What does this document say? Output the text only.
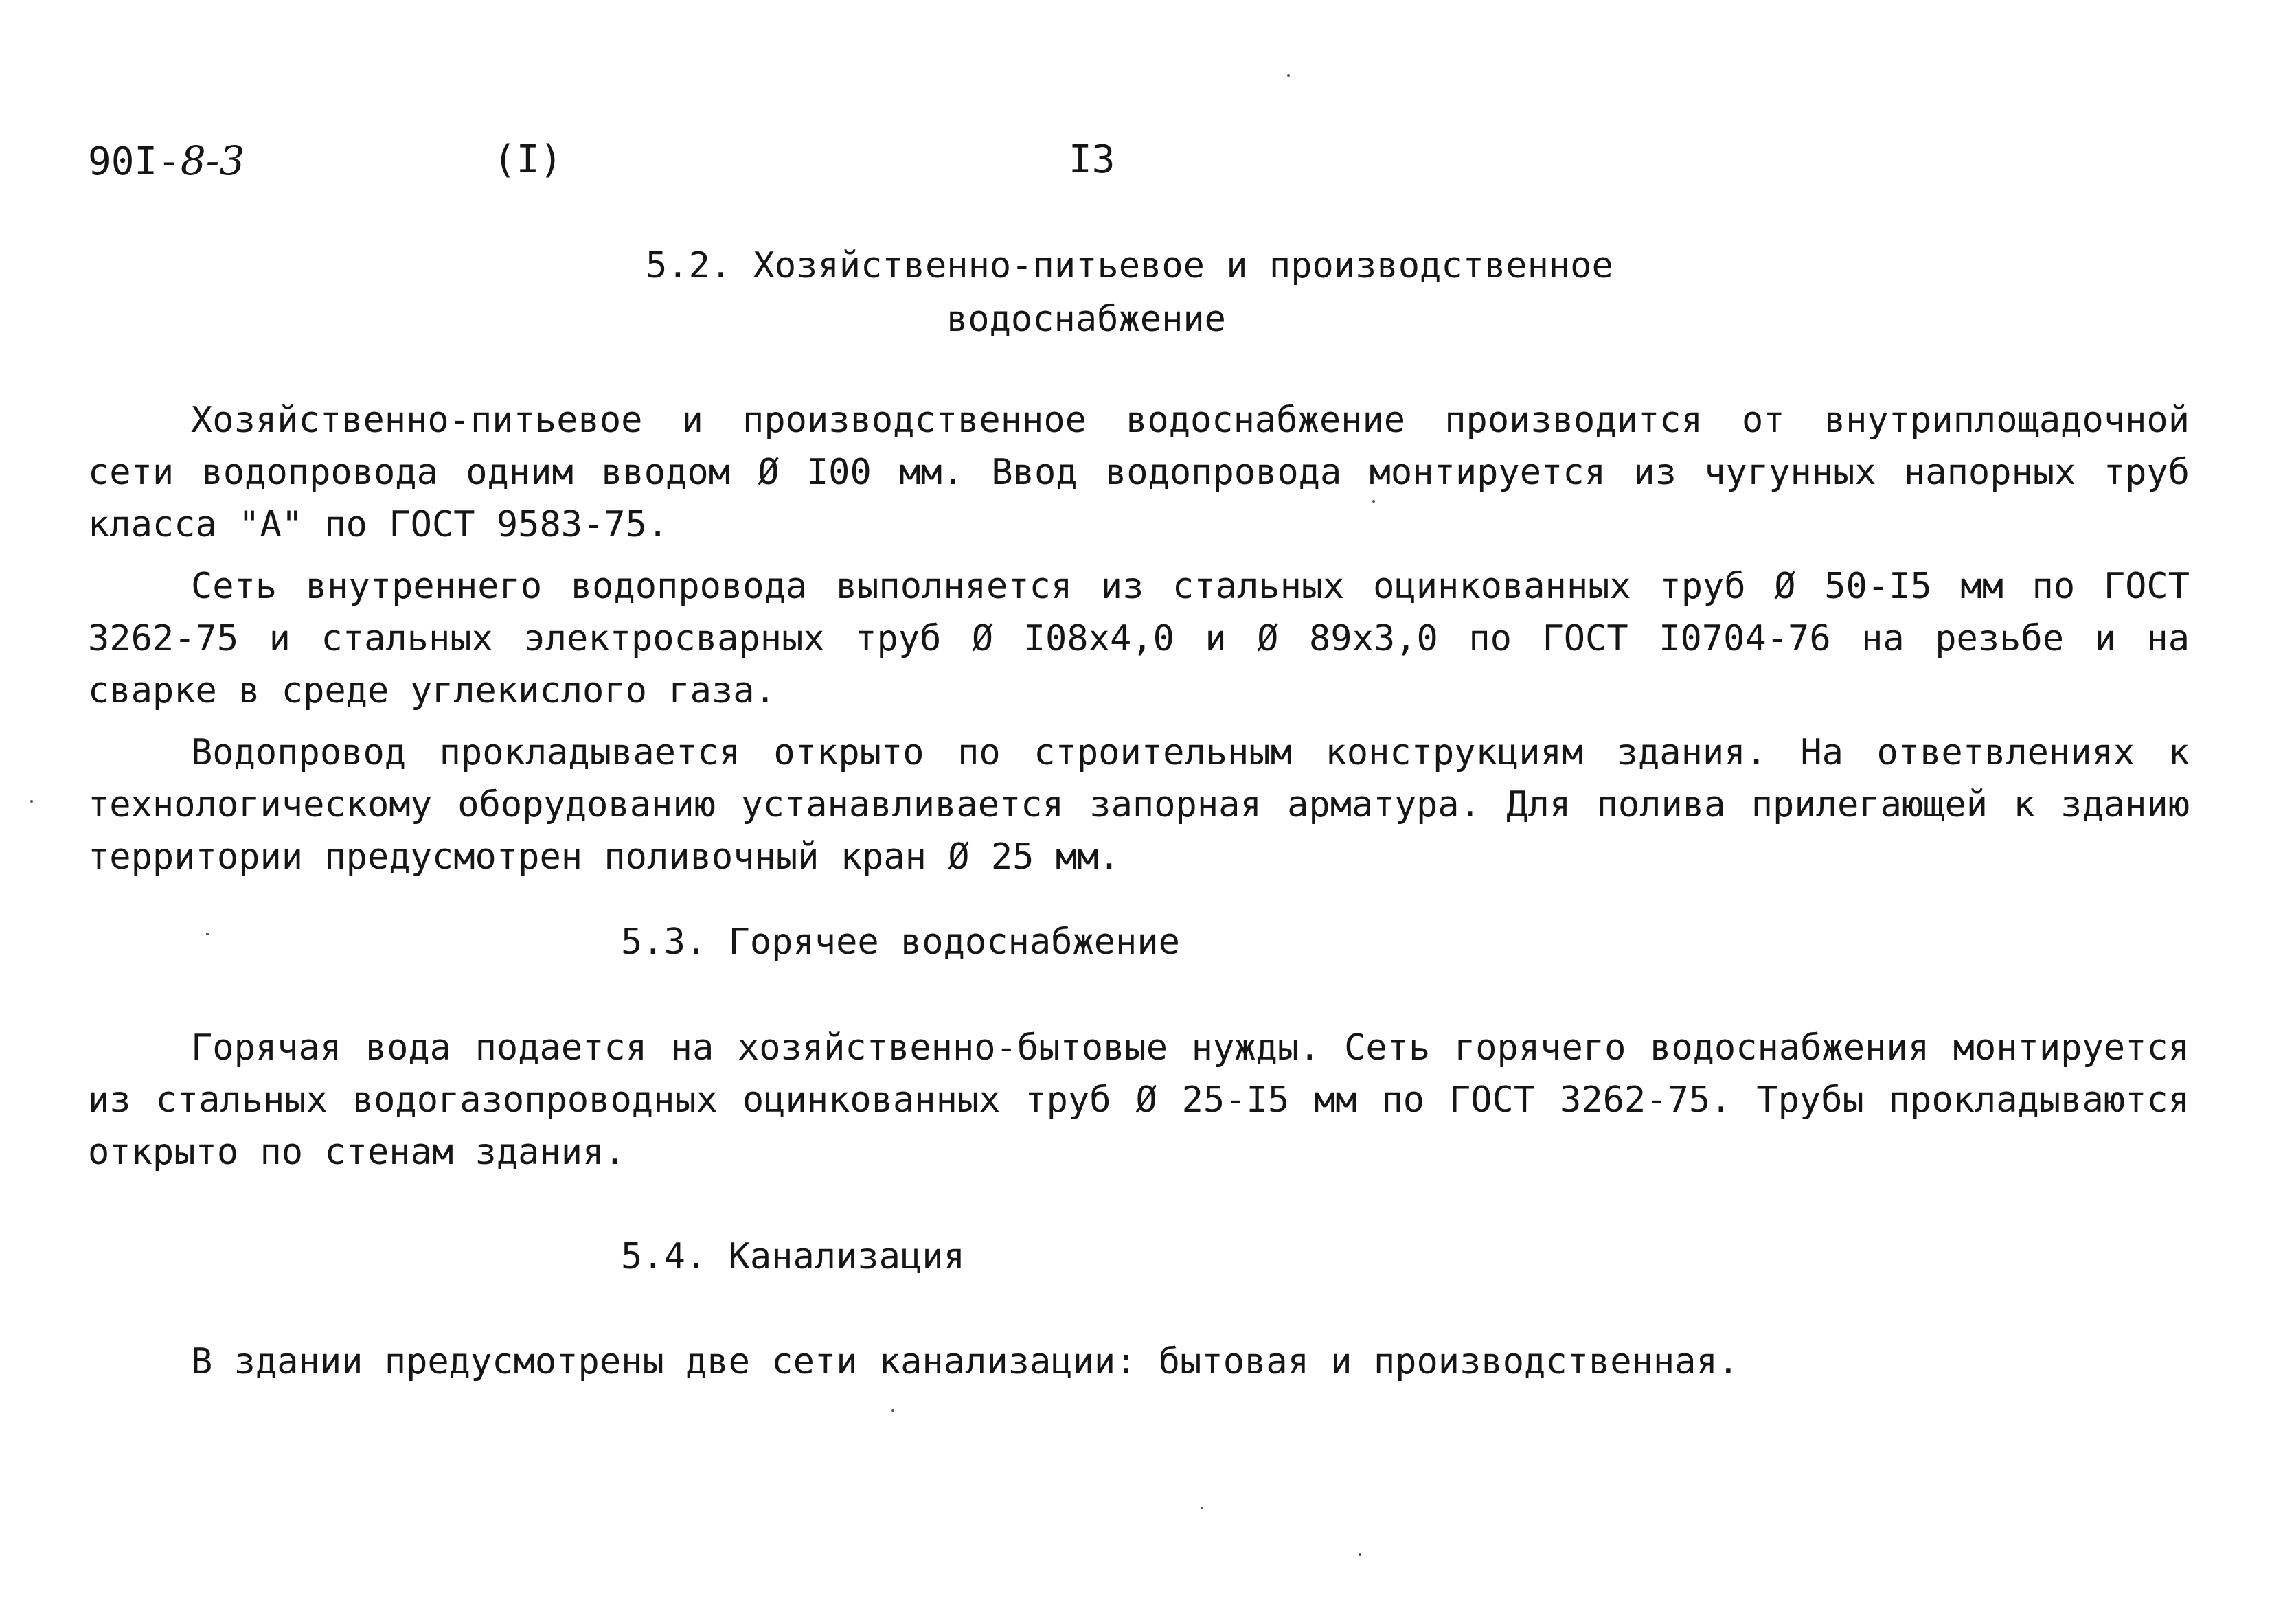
90I-8-3	(I)	I3
5.2. Хозяйственно-питьевое и производственное
водоснабжение

Хозяйственно-питьевое и производственное водоснабжение производится от внутриплощадочной сети водопровода одним вводом Ø I00 мм. Ввод водопровода монтируется из чугунных напорных труб класса "А" по ГОСТ 9583-75.

Сеть внутреннего водопровода выполняется из стальных оцинкованных труб Ø 50-I5 мм по ГОСТ 3262-75 и стальных электросварных труб Ø I08х4,0 и Ø 89х3,0 по ГОСТ I0704-76 на резьбе и на сварке в среде углекислого газа.

Водопровод прокладывается открыто по строительным конструкциям здания. На ответвлениях к технологическому оборудованию устанавливается запорная арматура. Для полива прилегающей к зданию территории предусмотрен поливочный кран Ø 25 мм.

5.3. Горячее водоснабжение

Горячая вода подается на хозяйственно-бытовые нужды. Сеть горячего водоснабжения монтируется из стальных водогазопроводных оцинкованных труб Ø 25-I5 мм по ГОСТ 3262-75. Трубы прокладываются открыто по стенам здания.

5.4. Канализация

В здании предусмотрены две сети канализации: бытовая и производственная.
